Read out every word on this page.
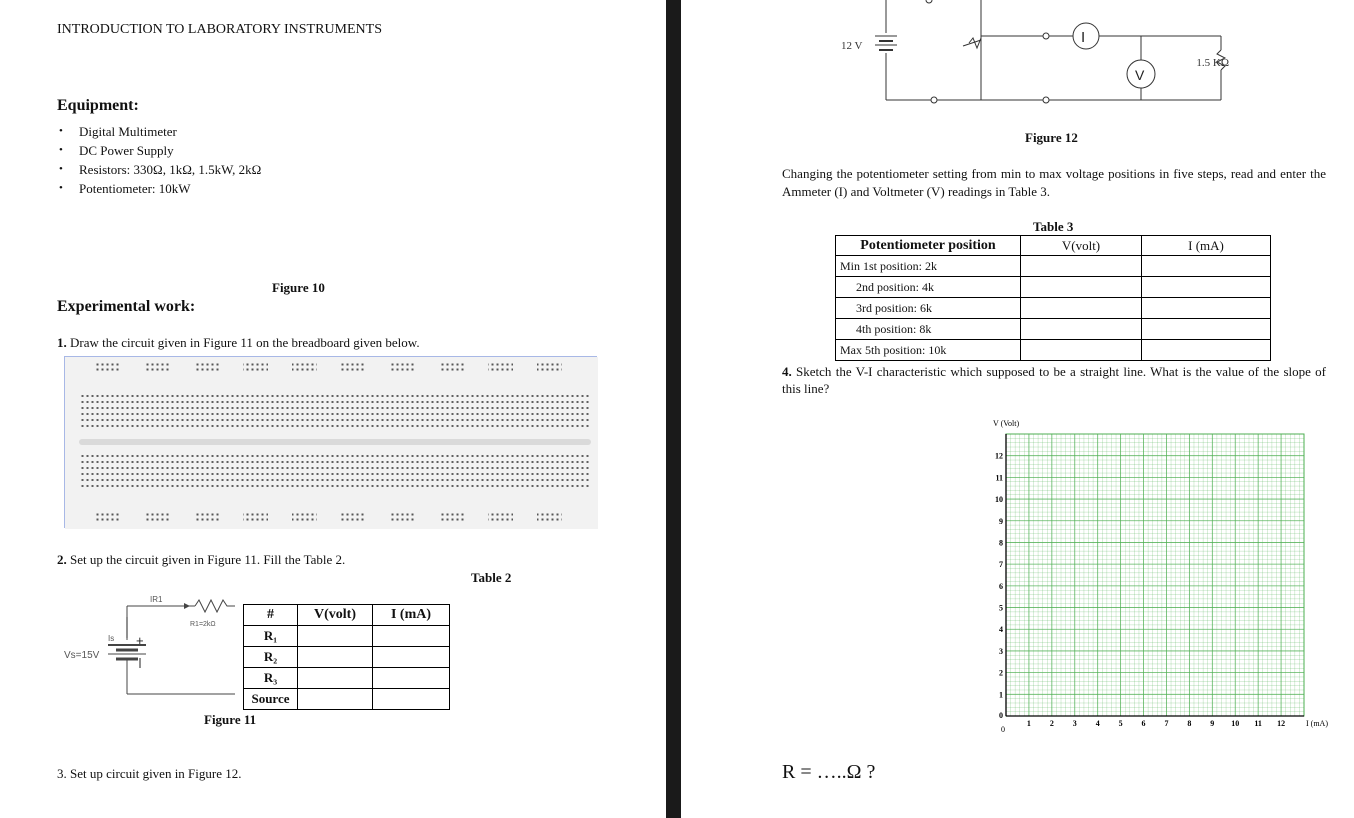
INTRODUCTION TO LABORATORY INSTRUMENTS
Equipment:
• Digital Multimeter
• DC Power Supply
• Resistors: 330Ω, 1kΩ, 1.5kW, 2kΩ
• Potentiometer: 10kW
Figure 10
Experimental work:
1. Draw the circuit given in Figure 11 on the breadboard given below.
2. Set up the circuit given in Figure 11. Fill the Table 2.
Table 2
IR1
R1=2kΩ
Is +
Vs=15V
#	V(volt)	I (mA)
R₁		
R₂		
R₃		
Source		
Figure 11
3. Set up circuit given in Figure 12.
12 V	I
V
1.5 KΩ
Figure 12
Changing the potentiometer setting from min to max voltage positions in five steps, read and enter the Ammeter (I) and Voltmeter (V) readings in Table 3.
Table 3
Potentiometer position	V(volt)	I (mA)
Min 1st position: 2k		
2nd position: 4k		
3rd position: 6k		
4th position: 8k		
Max 5th position: 10k		
4. Sketch the V-I characteristic which supposed to be a straight line. What is the value of the slope of this line?
R = …..Ω ?
0
1 2 3 4 5 6 7 8 9 10 11 12
0
1
2
3
4
5
6
7
8
9
10
11
12
V (Volt)
I (mA)
